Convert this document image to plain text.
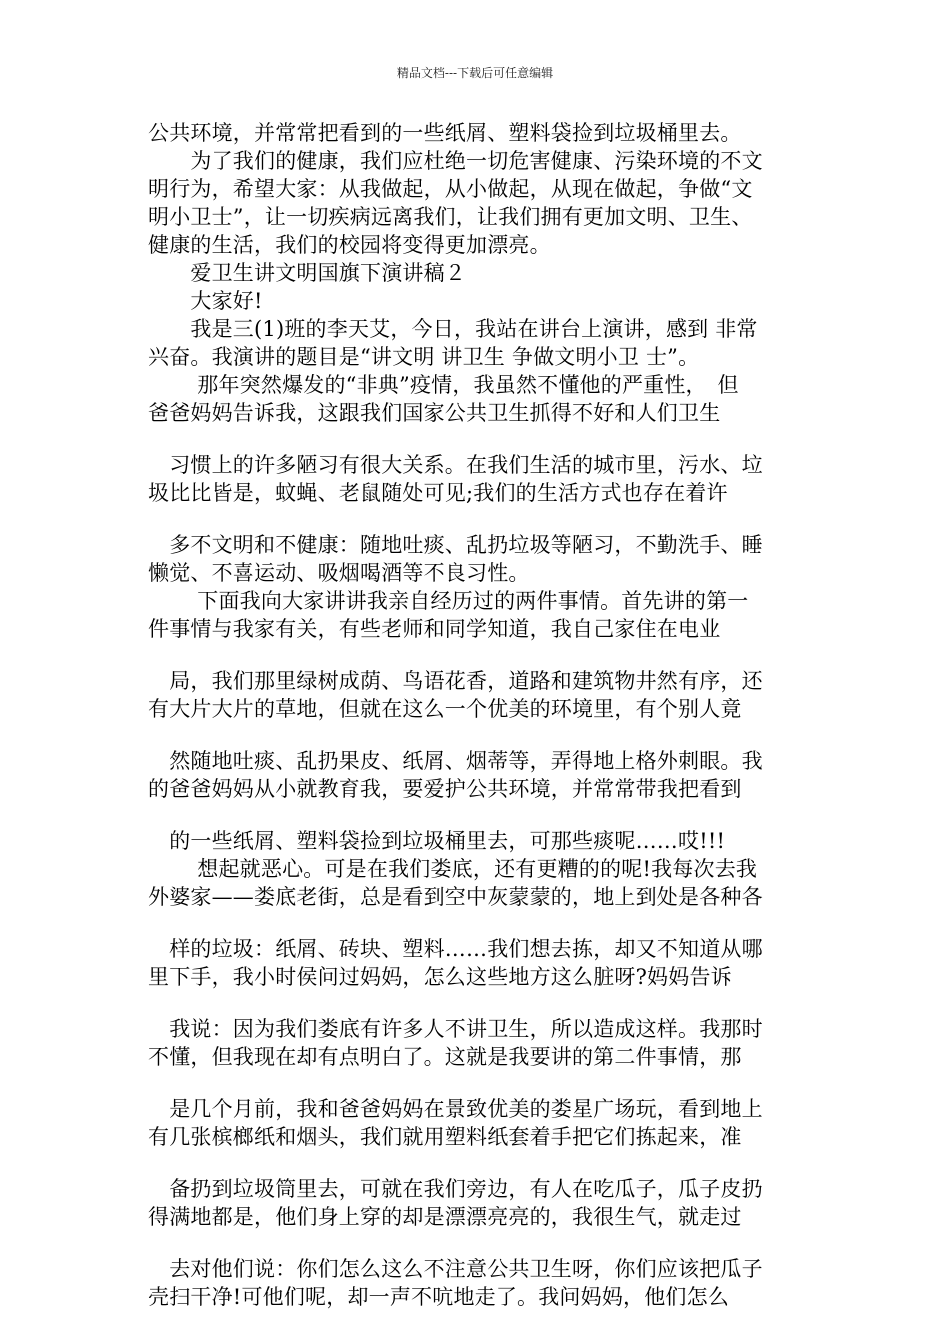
精品文档---下载后可任意编辑
公共环境，并常常把看到的一些纸屑、塑料袋捡到垃圾桶里去。
　　为了我们的健康，我们应杜绝一切危害健康、污染环境的不文
明行为，希望大家：从我做起，从小做起，从现在做起，争做“文
明小卫士”，让一切疾病远离我们，让我们拥有更加文明、卫生、
健康的生活，我们的校园将变得更加漂亮。
　　爱卫生讲文明国旗下演讲稿２
　　大家好!
　　我是三(1)班的李天艾，今日，我站在讲台上演讲，感到 非常
兴奋。我演讲的题目是“讲文明 讲卫生 争做文明小卫 士”。
　　 那年突然爆发的“非典”疫情，我虽然不懂他的严重性，　但
爸爸妈妈告诉我，这跟我们国家公共卫生抓得不好和人们卫生
　习惯上的许多陋习有很大关系。在我们生活的城市里，污水、垃
圾比比皆是，蚊蝇、老鼠随处可见;我们的生活方式也存在着许
　多不文明和不健康：随地吐痰、乱扔垃圾等陋习，不勤洗手、睡
懒觉、不喜运动、吸烟喝酒等不良习性。
　　 下面我向大家讲讲我亲自经历过的两件事情。首先讲的第一
件事情与我家有关，有些老师和同学知道，我自己家住在电业
　局，我们那里绿树成荫、鸟语花香，道路和建筑物井然有序，还
有大片大片的草地，但就在这么一个优美的环境里，有个别人竟
　然随地吐痰、乱扔果皮、纸屑、烟蒂等，弄得地上格外刺眼。我
的爸爸妈妈从小就教育我，要爱护公共环境，并常常带我把看到
　的一些纸屑、塑料袋捡到垃圾桶里去，可那些痰呢……哎!!!
　　 想起就恶心。可是在我们娄底，还有更糟的的呢!我每次去我
外婆家——娄底老街，总是看到空中灰蒙蒙的，地上到处是各种各
　样的垃圾：纸屑、砖块、塑料……我们想去拣，却又不知道从哪
里下手，我小时侯问过妈妈，怎么这些地方这么脏呀?妈妈告诉
　我说：因为我们娄底有许多人不讲卫生，所以造成这样。我那时
不懂，但我现在却有点明白了。这就是我要讲的第二件事情，那
　是几个月前，我和爸爸妈妈在景致优美的娄星广场玩，看到地上
有几张槟榔纸和烟头，我们就用塑料纸套着手把它们拣起来，准
　备扔到垃圾筒里去，可就在我们旁边，有人在吃瓜子，瓜子皮扔
得满地都是，他们身上穿的却是漂漂亮亮的，我很生气，就走过
　去对他们说：你们怎么这么不注意公共卫生呀，你们应该把瓜子
壳扫干净!可他们呢，却一声不吭地走了。我问妈妈，他们怎么
